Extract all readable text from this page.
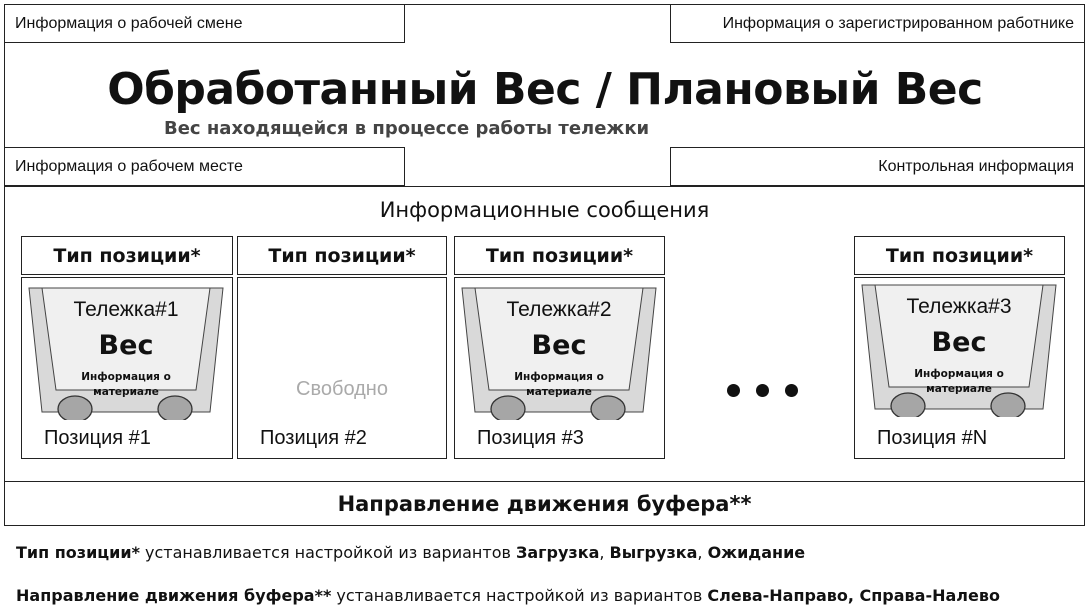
Информация о рабочей смене	Информация о зарегистрированном работнике
Обработанный Вес / Плановый Вес
Вес находящейся в процессе работы тележки
Информация о рабочем месте	Контрольная информация
Информационные сообщения
Тип позиции*
Тележка#1
Вес
Информация о
материале
Позиция #1
Тип позиции*
Свободно
Позиция #2
Тип позиции*
Тележка#2
Вес
Информация о
материале
Позиция #3
Тип позиции*
Тележка#3
Вес
Информация о
материале
Позиция #N
Направление движения буфера**
Тип позиции* устанавливается настройкой из вариантов Загрузка, Выгрузка, Ожидание
Направление движения буфера** устанавливается настройкой из вариантов Слева-Направо, Справа-Налево
